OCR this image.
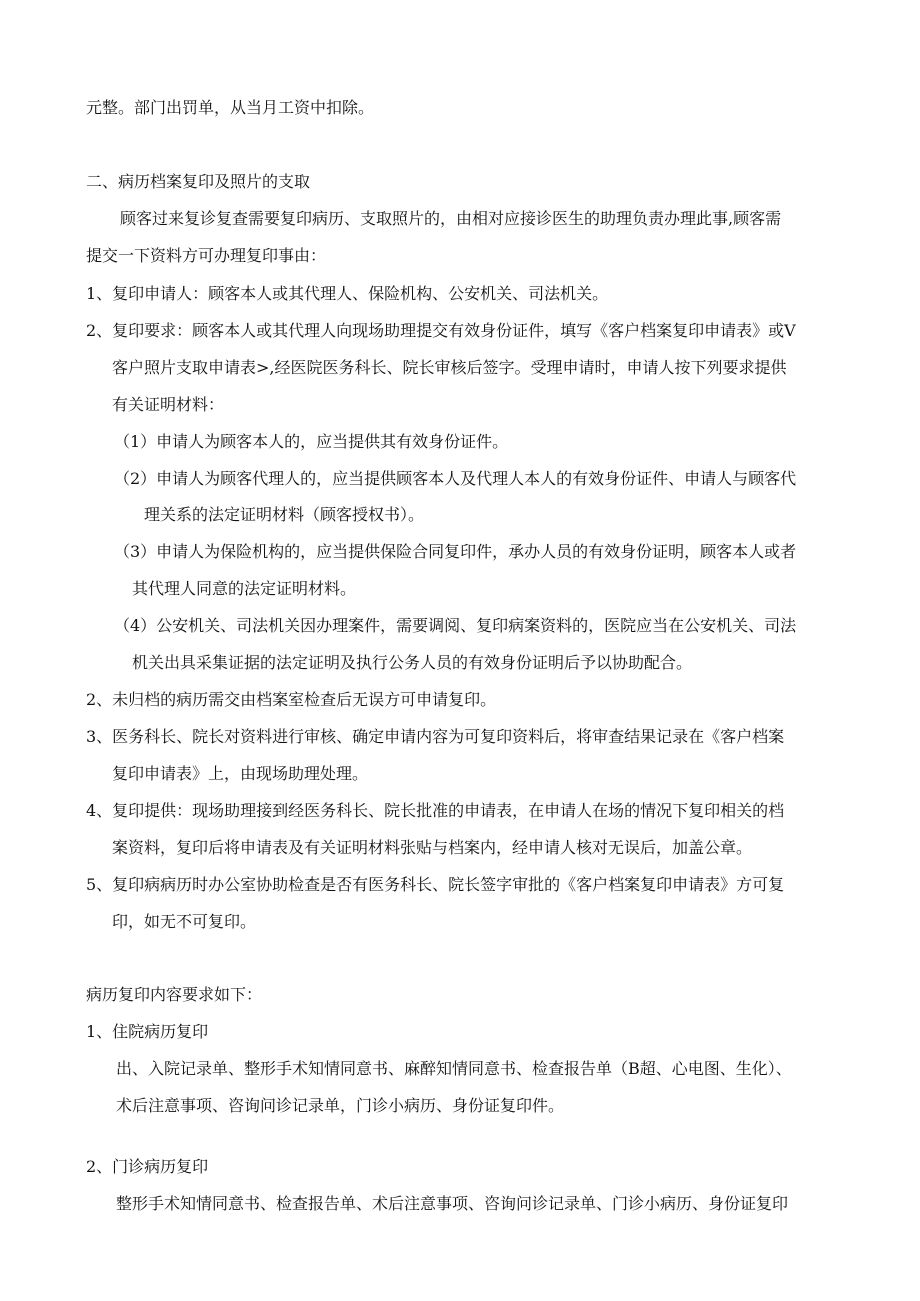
元整。部门出罚单，从当月工资中扣除。
二、病历档案复印及照片的支取
顾客过来复诊复查需要复印病历、支取照片的，由相对应接诊医生的助理负责办理此事,顾客需
提交一下资料方可办理复印事由：
1、复印申请人：顾客本人或其代理人、保险机构、公安机关、司法机关。
2、复印要求：顾客本人或其代理人向现场助理提交有效身份证件，填写《客户档案复印申请表》或V
客户照片支取申请表>,经医院医务科长、院长审核后签字。受理申请时，申请人按下列要求提供
有关证明材料：
（1）申请人为顾客本人的，应当提供其有效身份证件。
（2）申请人为顾客代理人的，应当提供顾客本人及代理人本人的有效身份证件、申请人与顾客代
理关系的法定证明材料（顾客授权书）。
（3）申请人为保险机构的，应当提供保险合同复印件，承办人员的有效身份证明，顾客本人或者
其代理人同意的法定证明材料。
（4）公安机关、司法机关因办理案件，需要调阅、复印病案资料的，医院应当在公安机关、司法
机关出具采集证据的法定证明及执行公务人员的有效身份证明后予以协助配合。
2、未归档的病历需交由档案室检查后无误方可申请复印。
3、医务科长、院长对资料进行审核、确定申请内容为可复印资料后，将审查结果记录在《客户档案
复印申请表》上，由现场助理处理。
4、复印提供：现场助理接到经医务科长、院长批准的申请表，在申请人在场的情况下复印相关的档
案资料，复印后将申请表及有关证明材料张贴与档案内，经申请人核对无误后，加盖公章。
5、复印病病历时办公室协助检查是否有医务科长、院长签字审批的《客户档案复印申请表》方可复
印，如无不可复印。
病历复印内容要求如下：
1、住院病历复印
出、入院记录单、整形手术知情同意书、麻醉知情同意书、检查报告单（B超、心电图、生化）、
术后注意事项、咨询问诊记录单，门诊小病历、身份证复印件。
2、门诊病历复印
整形手术知情同意书、检查报告单、术后注意事项、咨询问诊记录单、门诊小病历、身份证复印
